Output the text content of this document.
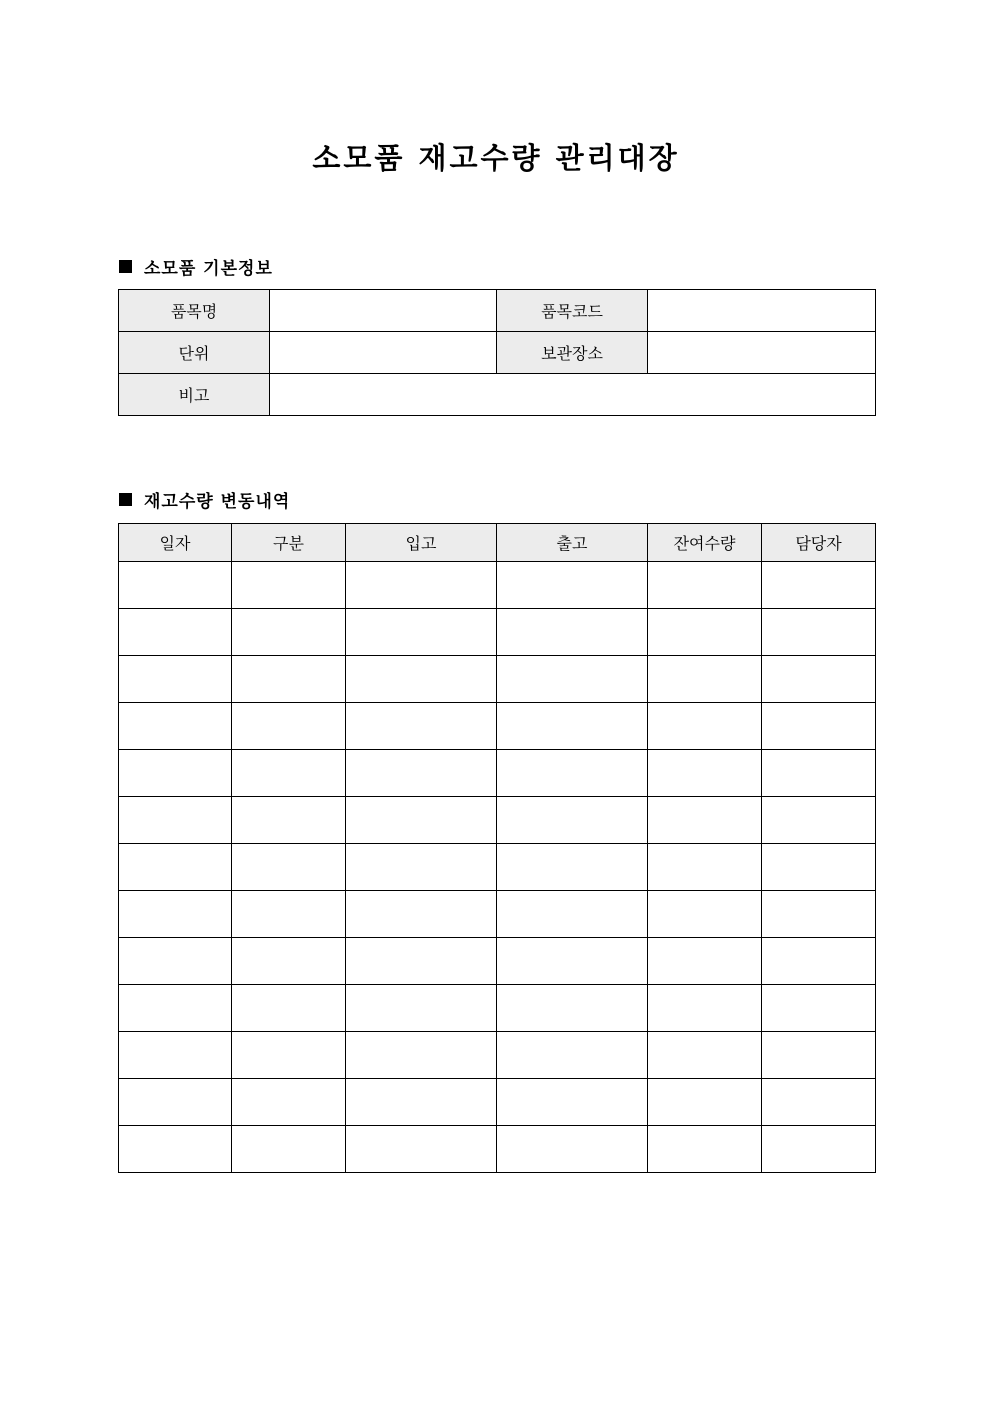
소모품 재고수량 관리대장
소모품 기본정보
품목명		품목코드	
단위		보관장소	
비고			
재고수량 변동내역
일자	구분	입고	출고	잔여수량	담당자
